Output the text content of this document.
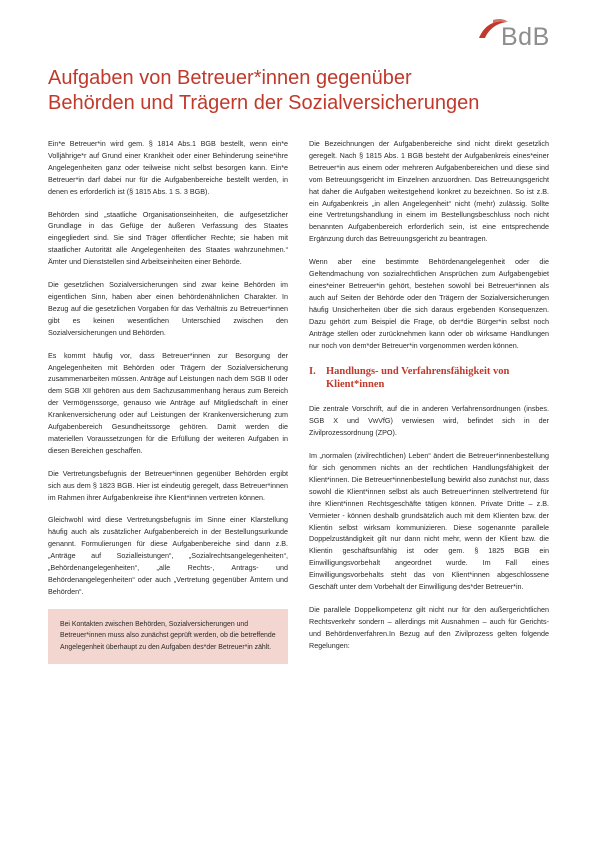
BdB
Aufgaben von Betreuer*innen gegenüber
Behörden und Trägern der Sozialversicherungen

Ein*e Betreuer*in wird gem. § 1814 Abs.1 BGB bestellt, wenn ein*e Volljährige*r auf Grund einer Krankheit oder einer Behinderung seine*ihre Angelegenheiten ganz oder teilweise nicht selbst besorgen kann. Ein*e Betreuer*in darf dabei nur für die Aufgabenbereiche bestellt werden, in denen es erforderlich ist (§ 1815 Abs. 1 S. 3 BGB).

Behörden sind „staatliche Organisationseinheiten, die aufgesetzlicher Grundlage in das Gefüge der äußeren Verfassung des Staates eingegliedert sind. Sie sind Träger öffentlicher Rechte; sie haben mit staatlicher Autorität alle Angelegenheiten des Staates wahrzunehmen.“ Ämter und Dienststellen sind Arbeitseinheiten einer Behörde.

Die gesetzlichen Sozialversicherungen sind zwar keine Behörden im eigentlichen Sinn, haben aber einen behördenähnlichen Charakter. In Bezug auf die gesetzlichen Vorgaben für das Verhältnis zu Betreuer*innen gibt es keinen wesentlichen Unterschied zwischen den Sozialversicherungen und Behörden.

Es kommt häufig vor, dass Betreuer*innen zur Besorgung der Angelegenheiten mit Behörden oder Trägern der Sozialversicherung zusammenarbeiten müssen. Anträge auf Leistungen nach dem SGB II oder dem SGB XII gehören aus dem Sachzusammenhang heraus zum Bereich der Vermögenssorge, genauso wie Anträge auf Mitgliedschaft in einer Krankenversicherung oder auf Leistungen der Krankenversicherung zum Aufgabenbereich Gesundheitssorge gehören. Damit werden die materiellen Voraussetzungen für die Erfüllung der weiteren Aufgaben in diesen Bereichen geschaffen.

Die Vertretungsbefugnis der Betreuer*innen gegenüber Behörden ergibt sich aus dem § 1823 BGB. Hier ist eindeutig geregelt, dass Betreuer*innen im Rahmen ihrer Aufgabenkreise ihre Klient*innen vertreten können.

Gleichwohl wird diese Vertretungsbefugnis im Sinne einer Klarstellung häufig auch als zusätzlicher Aufgabenbereich in der Bestellungsurkunde genannt. Formulierungen für diese Aufgabenbereiche sind dann z.B. „Anträge auf Sozialleistungen“, „Sozialrechtsangelegenheiten“, „Behördenangelegenheiten“, „alle Rechts-, Antrags- und Behördenangelegenheiten“ oder auch „Vertretung gegenüber Ämtern und Behörden“.

Bei Kontakten zwischen Behörden, Sozialversicherungen und Betreuer*innen muss also zunächst geprüft werden, ob die betreffende Angelegenheit überhaupt zu den Aufgaben des*der Betreuer*in zählt.

Die Bezeichnungen der Aufgabenbereiche sind nicht direkt gesetzlich geregelt. Nach § 1815 Abs. 1 BGB besteht der Aufgabenkreis eines*einer Betreuer*in aus einem oder mehreren Aufgabenbereichen und diese sind vom Betreuungsgericht im Einzelnen anzuordnen. Das Betreuungsgericht hat daher die Aufgaben weitestgehend konkret zu bezeichnen. So ist z.B. ein Aufgabenkreis „in allen Angelegenheit“ nicht (mehr) zulässig. Sollte eine Vertretungshandlung in einem im Bestellungsbeschluss noch nicht benannten Aufgabenbereich erforderlich sein, ist eine entsprechende Ergänzung durch das Betreuungsgericht zu beantragen.

Wenn aber eine bestimmte Behördenangelegenheit oder die Geltendmachung von sozialrechtlichen Ansprüchen zum Aufgabengebiet eines*einer Betreuer*in gehört, bestehen sowohl bei Betreuer*innen als auch auf Seiten der Behörde oder den Trägern der Sozialversicherungen häufig Unsicherheiten über die sich daraus ergebenden Konsequenzen. Dazu gehört zum Beispiel die Frage, ob der*die Bürger*in selbst noch Anträge stellen oder zurücknehmen kann oder ob wirksame Handlungen nur noch von dem*der Betreuer*in vorgenommen werden können.

I. Handlungs- und Verfahrensfähigkeit von Klient*innen

Die zentrale Vorschrift, auf die in anderen Verfahrensordnungen (insbes. SGB X und VwVfG) verwiesen wird, befindet sich in der Zivilprozessordnung (ZPO).

Im „normalen (zivilrechtlichen) Leben“ ändert die Betreuer*innenbestellung für sich genommen nichts an der rechtlichen Handlungsfähigkeit der Klient*innen. Die Betreuer*innenbestellung bewirkt also zunächst nur, dass sowohl die Klient*innen selbst als auch Betreuer*innen stellvertretend für ihre Klient*innen Rechtsgeschäfte tätigen können. Private Dritte – z.B. Vermieter - können deshalb grundsätzlich auch mit dem Klienten bzw. der Klientin selbst wirksam kommunizieren. Diese sogenannte parallele Doppelzuständigkeit gilt nur dann nicht mehr, wenn der Klient bzw. die Klientin geschäftsunfähig ist oder gem. § 1825 BGB ein Einwilligungsvorbehalt angeordnet wurde. Im Fall eines Einwilligungsvorbehalts steht das von Klient*innen abgeschlossene Geschäft unter dem Vorbehalt der Einwilligung des*der Betreuer*in.

Die parallele Doppelkompetenz gilt nicht nur für den außergerichtlichen Rechtsverkehr sondern – allerdings mit Ausnahmen – auch für Gerichts- und Behördenverfahren.In Bezug auf den Zivilprozess gelten folgende Regelungen:
